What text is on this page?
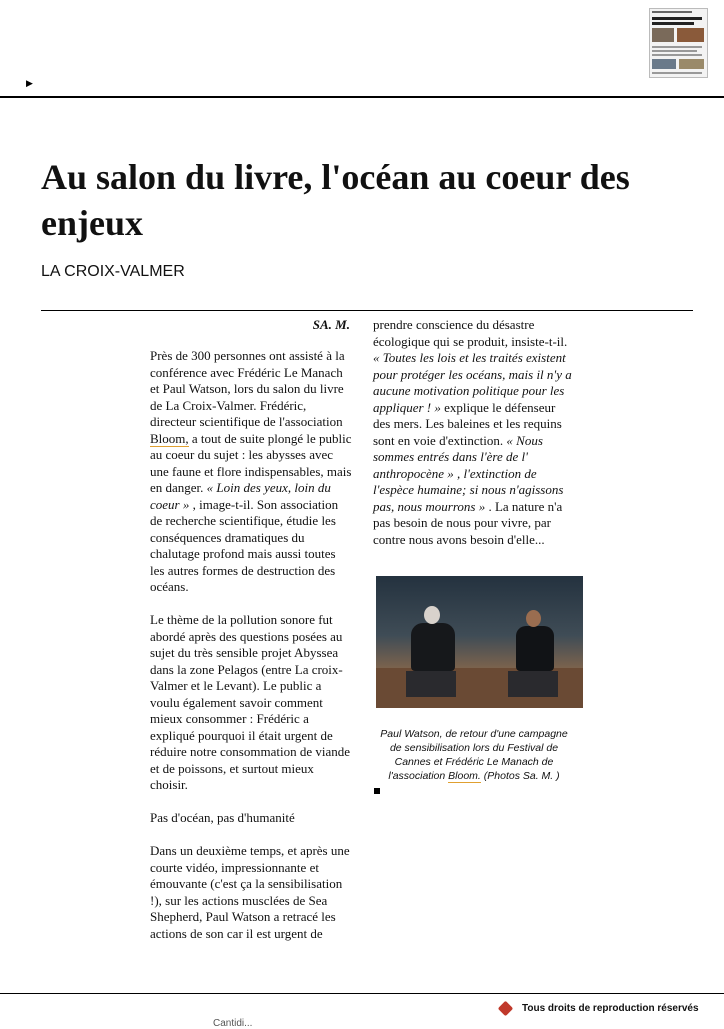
▶
Au salon du livre, l'océan au coeur des enjeux
LA CROIX-VALMER
SA. M.

Près de 300 personnes ont assisté à la conférence avec Frédéric Le Manach et Paul Watson, lors du salon du livre de La Croix-Valmer. Frédéric, directeur scientifique de l'association Bloom, a tout de suite plongé le public au coeur du sujet : les abysses avec une faune et flore indispensables, mais en danger. « Loin des yeux, loin du coeur » , image-t-il. Son association de recherche scientifique, étudie les conséquences dramatiques du chalutage profond mais aussi toutes les autres formes de destruction des océans.

Le thème de la pollution sonore fut abordé après des questions posées au sujet du très sensible projet Abyssea dans la zone Pelagos (entre La croix-Valmer et le Levant). Le public a voulu également savoir comment mieux consommer : Frédéric a expliqué pourquoi il était urgent de réduire notre consommation de viande et de poissons, et surtout mieux choisir.

Pas d'océan, pas d'humanité

Dans un deuxième temps, et après une courte vidéo, impressionnante et émouvante (c'est ça la sensibilisation !), sur les actions musclées de Sea Shepherd, Paul Watson a retracé les actions de son car il est urgent de

prendre conscience du désastre écologique qui se produit, insiste-t-il. « Toutes les lois et les traités existent pour protéger les océans, mais il n'y a aucune motivation politique pour les appliquer ! » explique le défenseur des mers. Les baleines et les requins sont en voie d'extinction. « Nous sommes entrés dans l'ère de l' anthropocène » , l'extinction de l'espèce humaine; si nous n'agissons pas, nous mourrons » . La nature n'a pas besoin de nous pour vivre, par contre nous avons besoin d'elle...

Paul Watson, de retour d'une campagne de sensibilisation lors du Festival de Cannes et Frédéric Le Manach de l'association Bloom. (Photos Sa. M. )
Tous droits de reproduction réservés
Cantidi...
